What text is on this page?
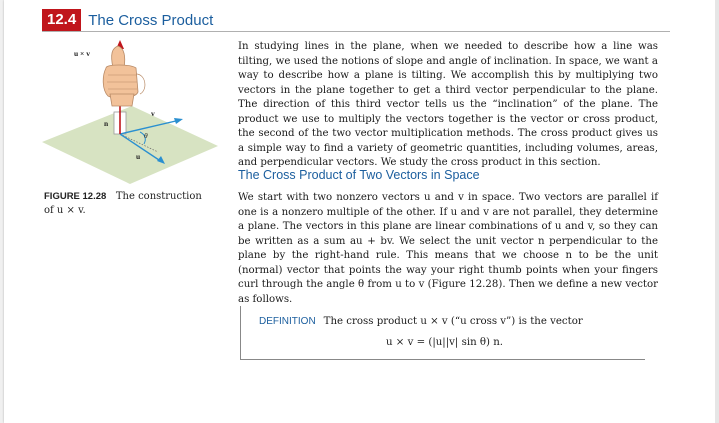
12.4 The Cross Product
u × v
n
v
θ
u
FIGURE 12.28 The construction of u × v.

In studying lines in the plane, when we needed to describe how a line was tilting, we used the notions of slope and angle of inclination. In space, we want a way to describe how a plane is tilting. We accomplish this by multiplying two vectors in the plane together to get a third vector perpendicular to the plane. The direction of this third vector tells us the “inclination” of the plane. The product we use to multiply the vectors together is the vector or cross product, the second of the two vector multiplication methods. The cross product gives us a simple way to find a variety of geometric quantities, including volumes, areas, and perpendicular vectors. We study the cross product in this section.

The Cross Product of Two Vectors in Space

We start with two nonzero vectors u and v in space. Two vectors are parallel if one is a nonzero multiple of the other. If u and v are not parallel, they determine a plane. The vectors in this plane are linear combinations of u and v, so they can be written as a sum au + bv. We select the unit vector n perpendicular to the plane by the right-hand rule. This means that we choose n to be the unit (normal) vector that points the way your right thumb points when your fingers curl through the angle θ from u to v (Figure 12.28). Then we define a new vector as follows.

DEFINITION The cross product u × v (“u cross v”) is the vector
u × v = (|u||v| sin θ) n.
